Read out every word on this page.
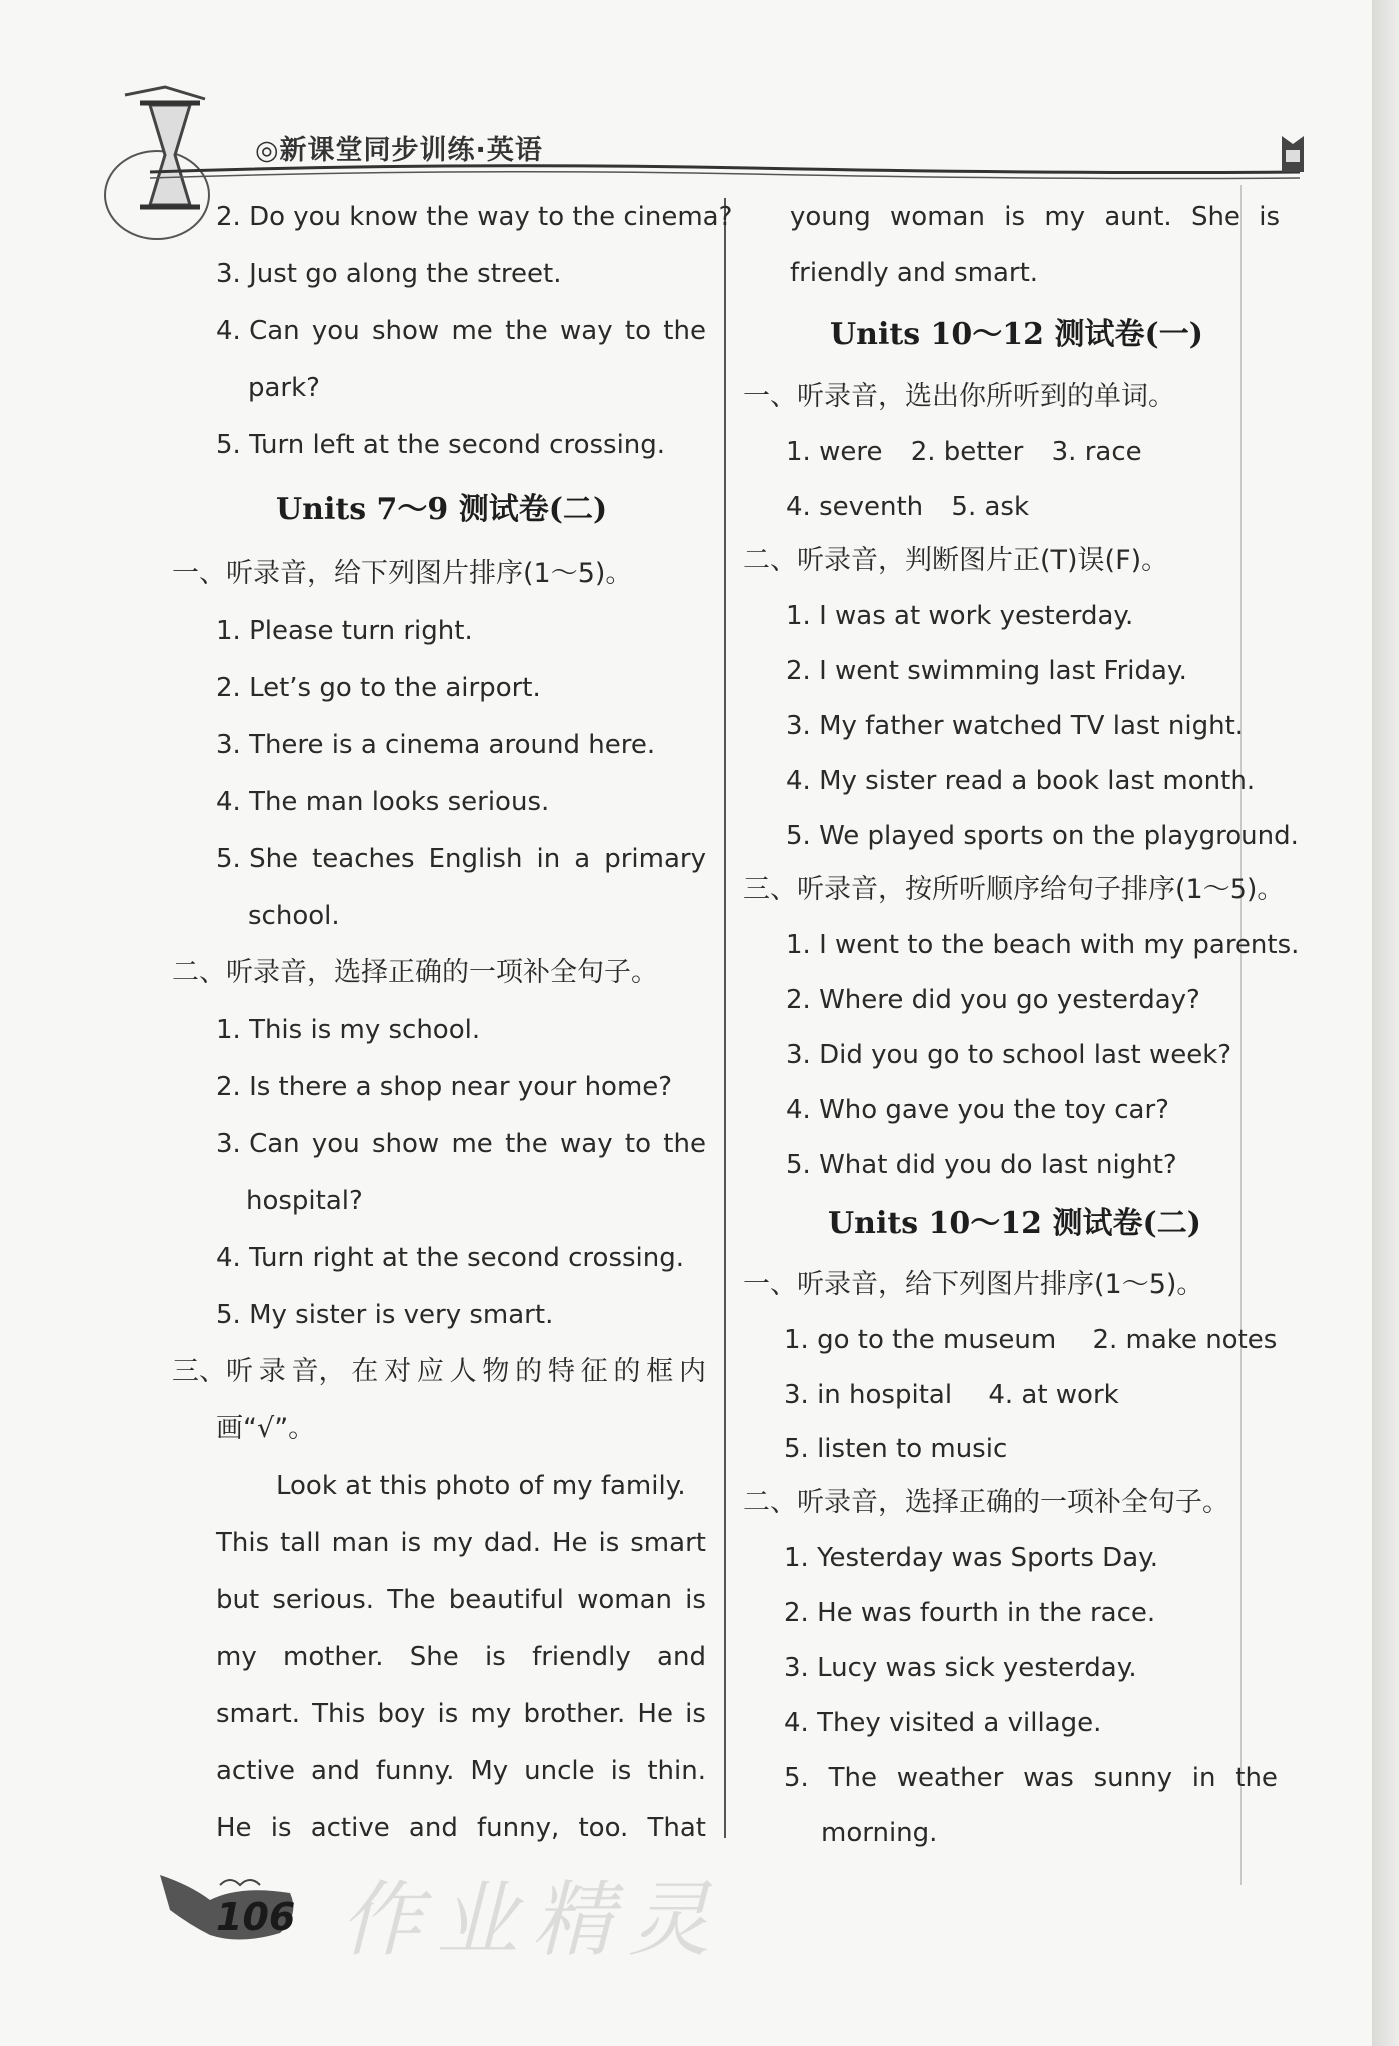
◎新课堂同步训练·英语
2. Do you know the way to the cinema?
3. Just go along the street.
4. Can you show me the way to the
park?
5. Turn left at the second crossing.
Units 7～9 测试卷(二)
一、听录音，给下列图片排序(1～5)。
1. Please turn right.
2. Let’s go to the airport.
3. There is a cinema around here.
4. The man looks serious.
5. She teaches English in a primary
school.
二、听录音，选择正确的一项补全句子。
1. This is my school.
2. Is there a shop near your home?
3. Can you show me the way to the
hospital?
4. Turn right at the second crossing.
5. My sister is very smart.
三、听 录 音， 在 对 应 人 物 的 特 征 的 框 内
画“√”。
Look at this photo of my family.
This tall man is my dad. He is smart
but serious. The beautiful woman is
my mother. She is friendly and
smart. This boy is my brother. He is
active and funny. My uncle is thin.
He is active and funny, too. That
young woman is my aunt. She is
friendly and smart.
Units 10～12 测试卷(一)
一、听录音，选出你所听到的单词。
1. were 2. better 3. race
4. seventh 5. ask
二、听录音，判断图片正(T)误(F)。
1. I was at work yesterday.
2. I went swimming last Friday.
3. My father watched TV last night.
4. My sister read a book last month.
5. We played sports on the playground.
三、听录音，按所听顺序给句子排序(1～5)。
1. I went to the beach with my parents.
2. Where did you go yesterday?
3. Did you go to school last week?
4. Who gave you the toy car?
5. What did you do last night?
Units 10～12 测试卷(二)
一、听录音，给下列图片排序(1～5)。
1. go to the museum 2. make notes
3. in hospital 4. at work
5. listen to music
二、听录音，选择正确的一项补全句子。
1. Yesterday was Sports Day.
2. He was fourth in the race.
3. Lucy was sick yesterday.
4. They visited a village.
5. The weather was sunny in the
morning.
106 作业精灵
